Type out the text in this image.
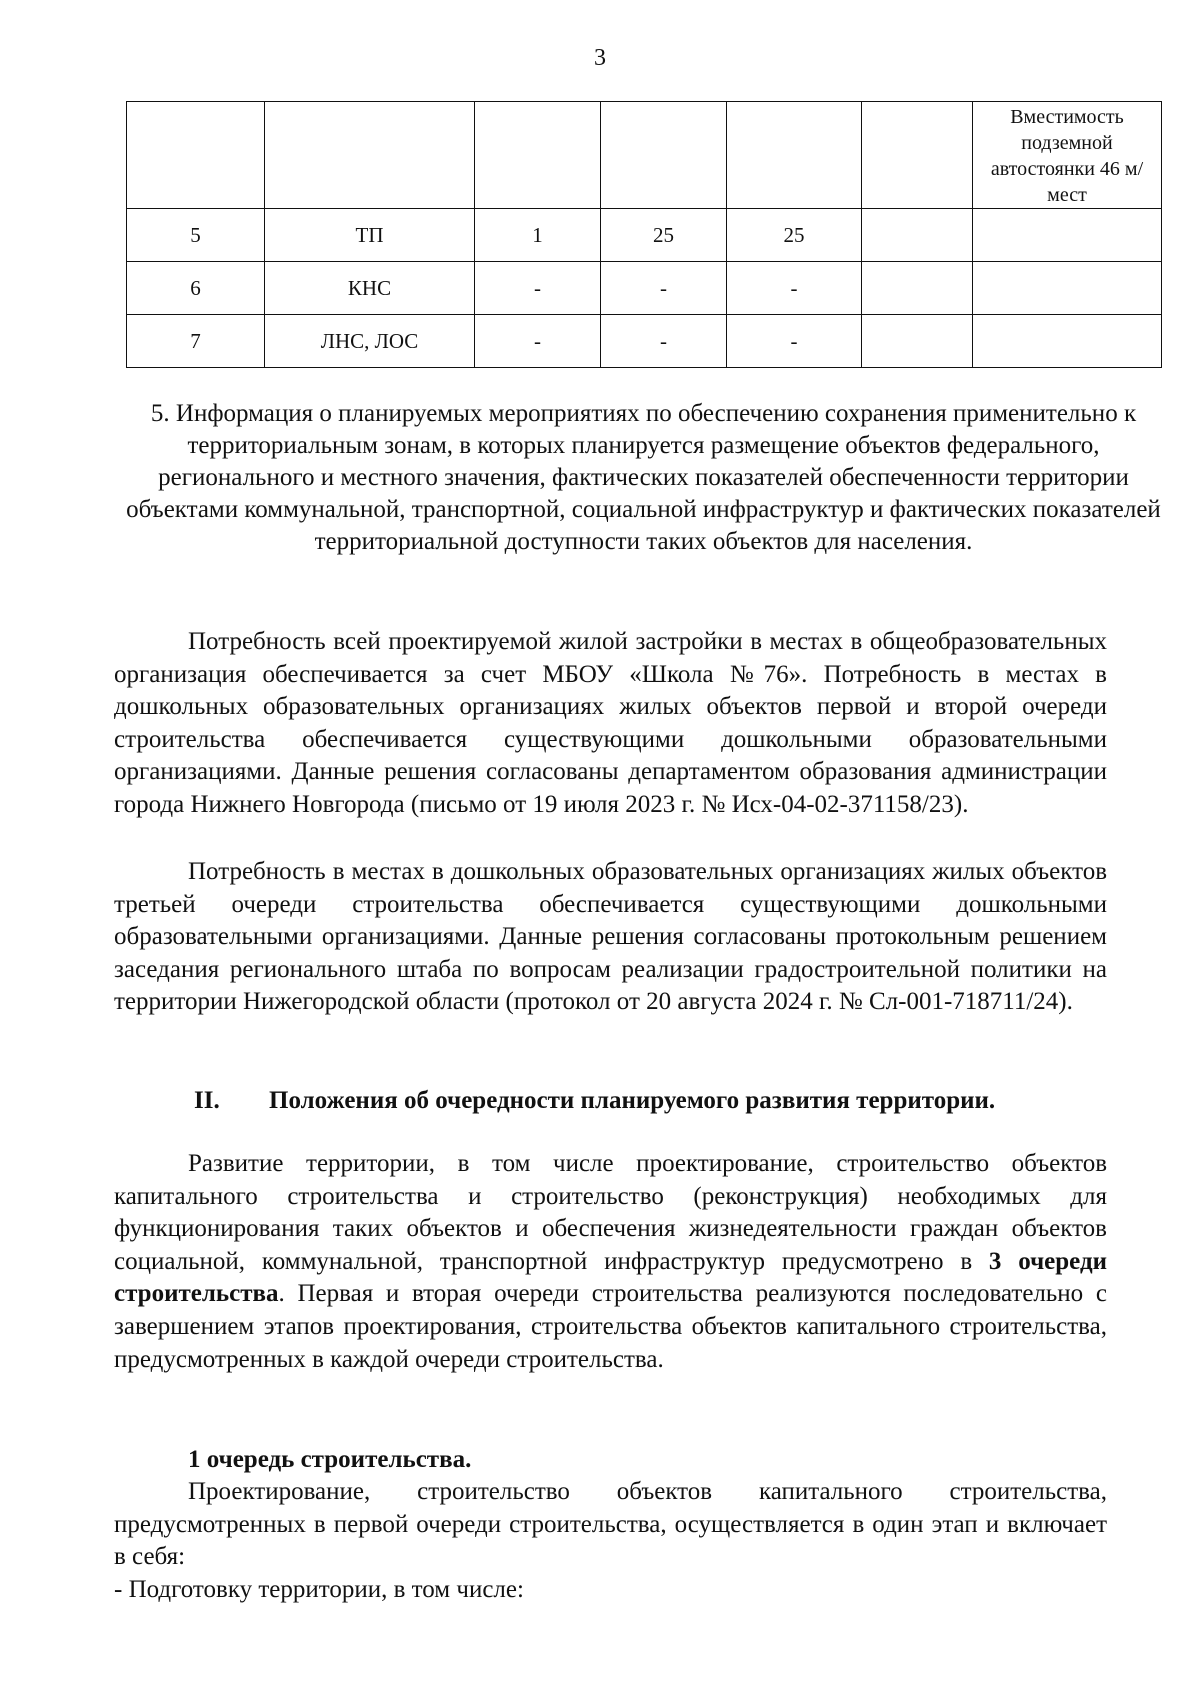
3
						Вместимость подземной автостоянки 46 м/мест
5	ТП	1	25	25		
6	КНС	-	-	-		
7	ЛНС, ЛОС	-	-	-		

5. Информация о планируемых мероприятиях по обеспечению сохранения применительно к территориальным зонам, в которых планируется размещение объектов федерального, регионального и местного значения, фактических показателей обеспеченности территории объектами коммунальной, транспортной, социальной инфраструктур и фактических показателей территориальной доступности таких объектов для населения.

Потребность всей проектируемой жилой застройки в местах в общеобразовательных организация обеспечивается за счет МБОУ «Школа №76». Потребность в местах в дошкольных образовательных организациях жилых объектов первой и второй очереди строительства обеспечивается существующими дошкольными образовательными организациями. Данные решения согласованы департаментом образования администрации города Нижнего Новгорода (письмо от 19 июля 2023 г. № Исх-04-02-371158/23).

Потребность в местах в дошкольных образовательных организациях жилых объектов третьей очереди строительства обеспечивается существующими дошкольными образовательными организациями. Данные решения согласованы протокольным решением заседания регионального штаба по вопросам реализации градостроительной политики на территории Нижегородской области (протокол от 20 августа 2024 г. № Сл-001-718711/24).

II. Положения об очередности планируемого развития территории.

Развитие территории, в том числе проектирование, строительство объектов капитального строительства и строительство (реконструкция) необходимых для функционирования таких объектов и обеспечения жизнедеятельности граждан объектов социальной, коммунальной, транспортной инфраструктур предусмотрено в 3 очереди строительства. Первая и вторая очереди строительства реализуются последовательно с завершением этапов проектирования, строительства объектов капитального строительства, предусмотренных в каждой очереди строительства.

1 очередь строительства.

Проектирование, строительство объектов капитального строительства, предусмотренных в первой очереди строительства, осуществляется в один этап и включает в себя:

- Подготовку территории, в том числе:
